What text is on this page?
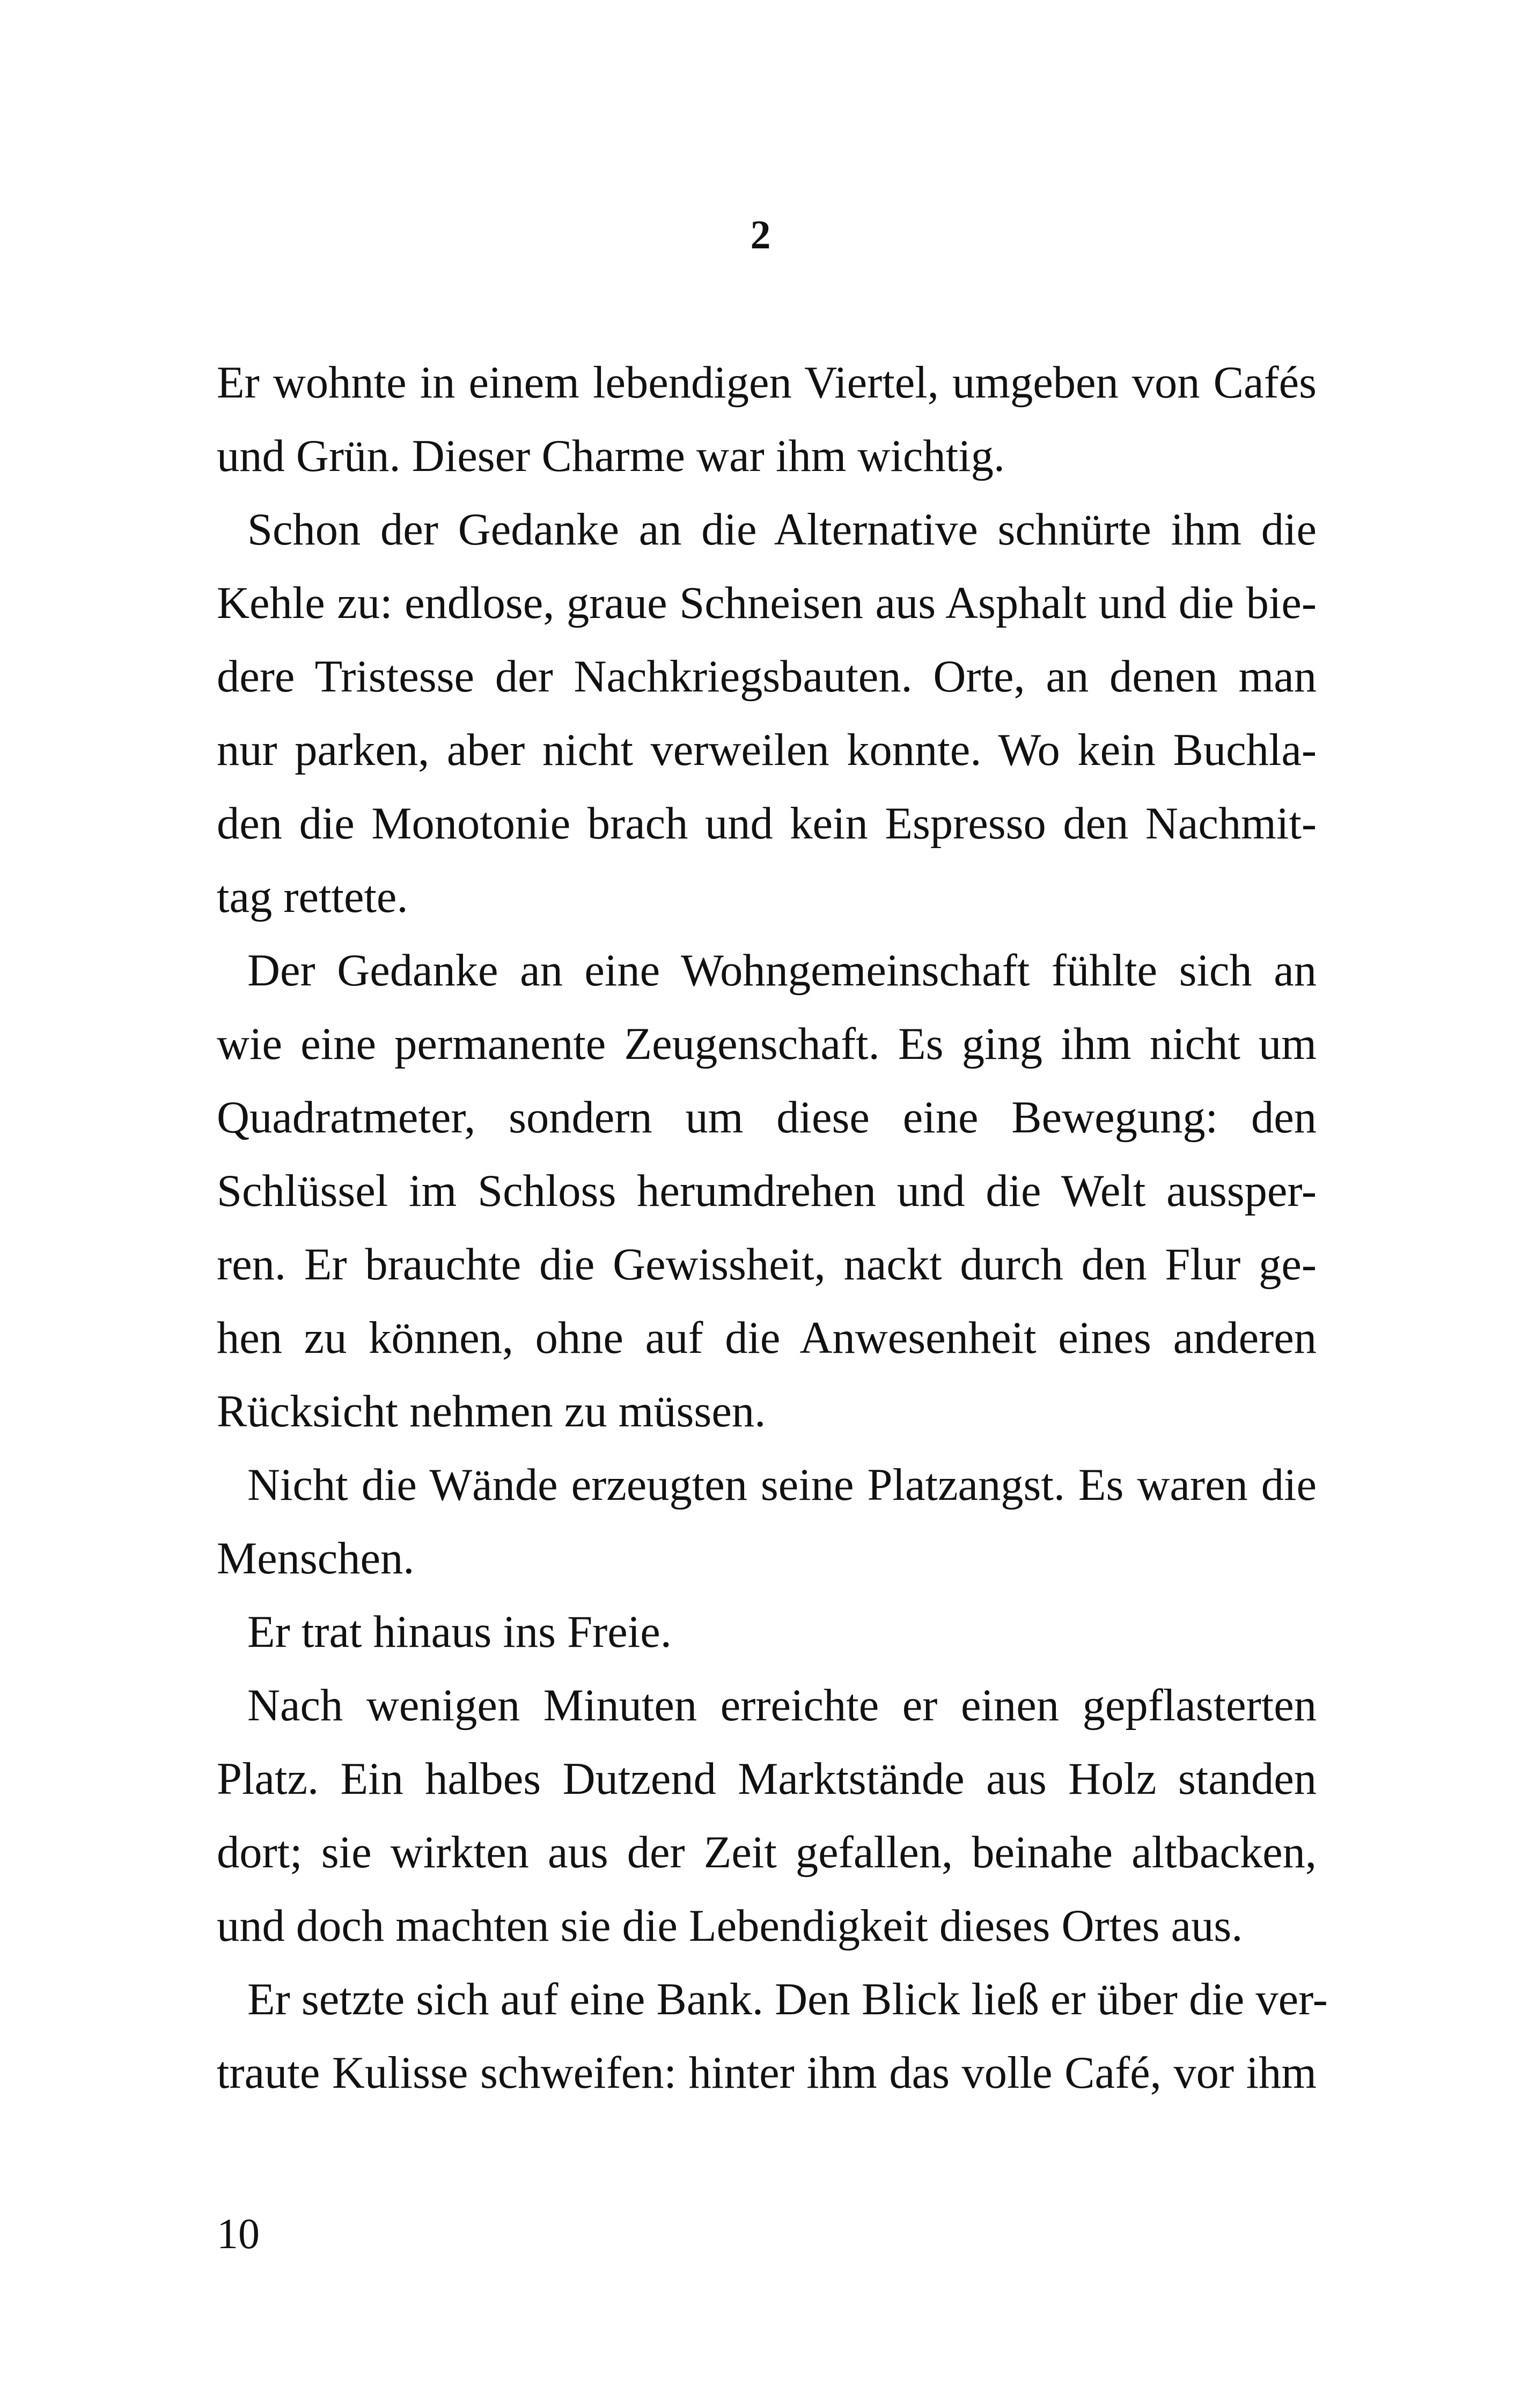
2
Er wohnte in einem lebendigen Viertel, umgeben von Cafés
und Grün. Dieser Charme war ihm wichtig.
Schon der Gedanke an die Alternative schnürte ihm die
Kehle zu: endlose, graue Schneisen aus Asphalt und die bie-
dere Tristesse der Nachkriegsbauten. Orte, an denen man
nur parken, aber nicht verweilen konnte. Wo kein Buchla-
den die Monotonie brach und kein Espresso den Nachmit-
tag rettete.
Der Gedanke an eine Wohngemeinschaft fühlte sich an
wie eine permanente Zeugenschaft. Es ging ihm nicht um
Quadratmeter, sondern um diese eine Bewegung: den
Schlüssel im Schloss herumdrehen und die Welt aussper-
ren. Er brauchte die Gewissheit, nackt durch den Flur ge-
hen zu können, ohne auf die Anwesenheit eines anderen
Rücksicht nehmen zu müssen.
Nicht die Wände erzeugten seine Platzangst. Es waren die
Menschen.
Er trat hinaus ins Freie.
Nach wenigen Minuten erreichte er einen gepflasterten
Platz. Ein halbes Dutzend Marktstände aus Holz standen
dort; sie wirkten aus der Zeit gefallen, beinahe altbacken,
und doch machten sie die Lebendigkeit dieses Ortes aus.
Er setzte sich auf eine Bank. Den Blick ließ er über die ver-
traute Kulisse schweifen: hinter ihm das volle Café, vor ihm
10
